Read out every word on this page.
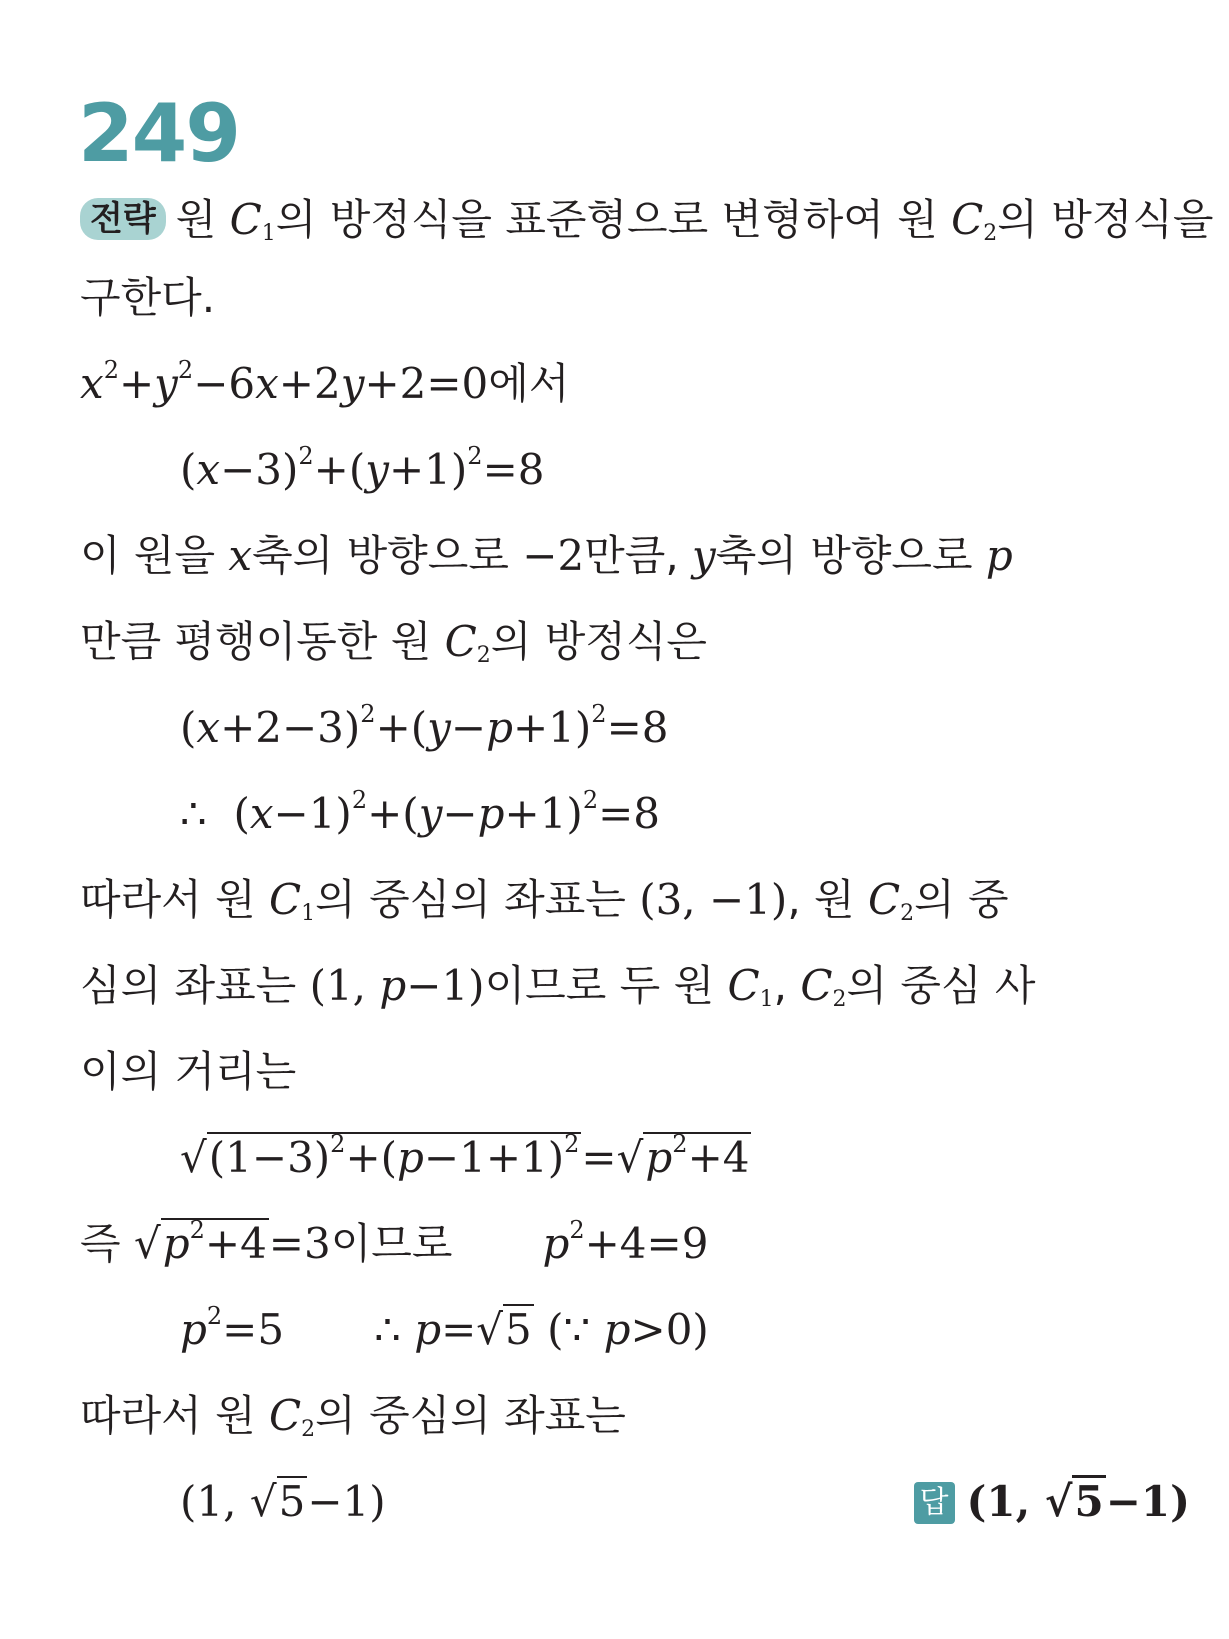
249
전략 원 $C_1$의 방정식을 표준형으로 변형하여 원 $C_2$의 방정식을
구한다.
$x^2+y^2-6x+2y+2=0$에서
$(x-3)^2+(y+1)^2=8$
이 원을 x축의 방향으로 −2만큼, y축의 방향으로 p
만큼 평행이동한 원 $C_2$의 방정식은
$(x+2-3)^2+(y-p+1)^2=8$
∴ $(x-1)^2+(y-p+1)^2=8$
따라서 원 $C_1$의 중심의 좌표는 (3, −1), 원 $C_2$의 중
심의 좌표는 (1, p−1)이므로 두 원 $C_1$, $C_2$의 중심 사
이의 거리는
$√(1-3)^2+(p-1+1)^2=√p^2+4$
즉 $√p^2+4=3$이므로 $p^2+4=9$
$p^2=5$ ∴ p=√5 (∵ p>0)
따라서 원 $C_2$의 중심의 좌표는
(1, √5−1)	답 (1, √5−1)
